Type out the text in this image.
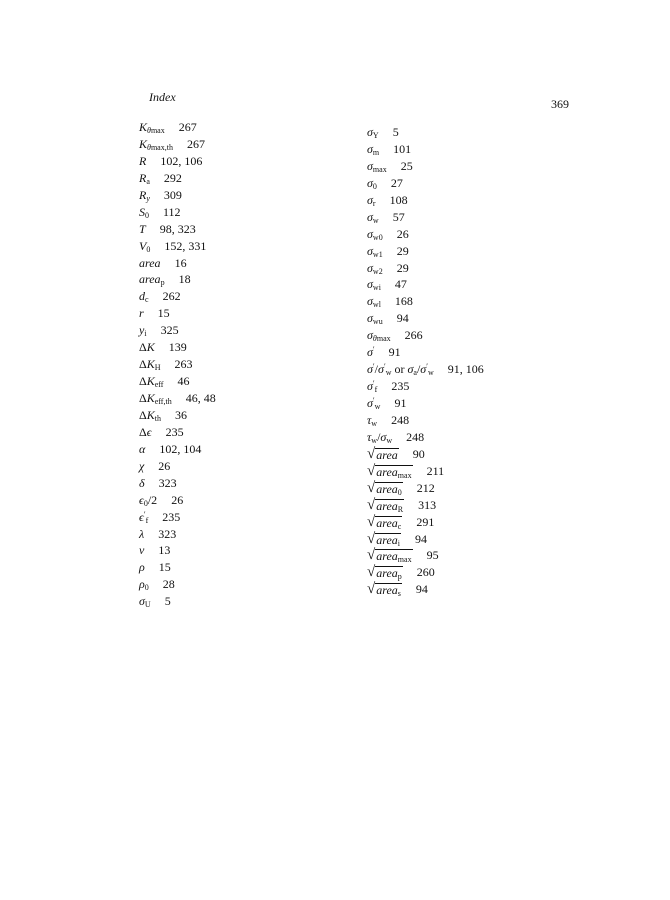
Index	369
$K_{\theta max}$ 267
$K_{\theta max,th}$ 267
R 102, 106
$R_a$ 292
$R_y$ 309
$S_0$ 112
T 98, 323
$V_0$ 152, 331
area 16
area$_p$ 18
$d_c$ 262
r 15
$y_i$ 325
ΔK 139
$\Delta K_H$ 263
$\Delta K_{eff}$ 46
$\Delta K_{eff,th}$ 46, 48
$\Delta K_{th}$ 36
Δϵ 235
α 102, 104
χ 26
δ 323
$\epsilon_0/2$ 26
$\epsilon'_f$ 235
λ 323
ν 13
ρ 15
$\rho_0$ 28
$\sigma_U$ 5
$\sigma_Y$ 5
$\sigma_m$ 101
$\sigma_{max}$ 25
$\sigma_0$ 27
$\sigma_r$ 108
$\sigma_w$ 57
$\sigma_{w0}$ 26
$\sigma_{w1}$ 29
$\sigma_{w2}$ 29
$\sigma_{wi}$ 47
$\sigma_{wl}$ 168
$\sigma_{wu}$ 94
$\sigma_{\theta max}$ 266
σ′ 91
$\sigma'/\sigma'_w$ or $\sigma_a/\sigma'_w$ 91, 106
$\sigma'_f$ 235
$\sigma'_w$ 91
$\tau_w$ 248
$\tau_w/\sigma_w$ 248
√ area 90
√ area$_{max}$ 211
√ area$_0$ 212
√ area$_R$ 313
√ area$_c$ 291
√ area$_i$ 94
√ area$_{max}$ 95
√ area$_p$ 260
√ area$_s$ 94
